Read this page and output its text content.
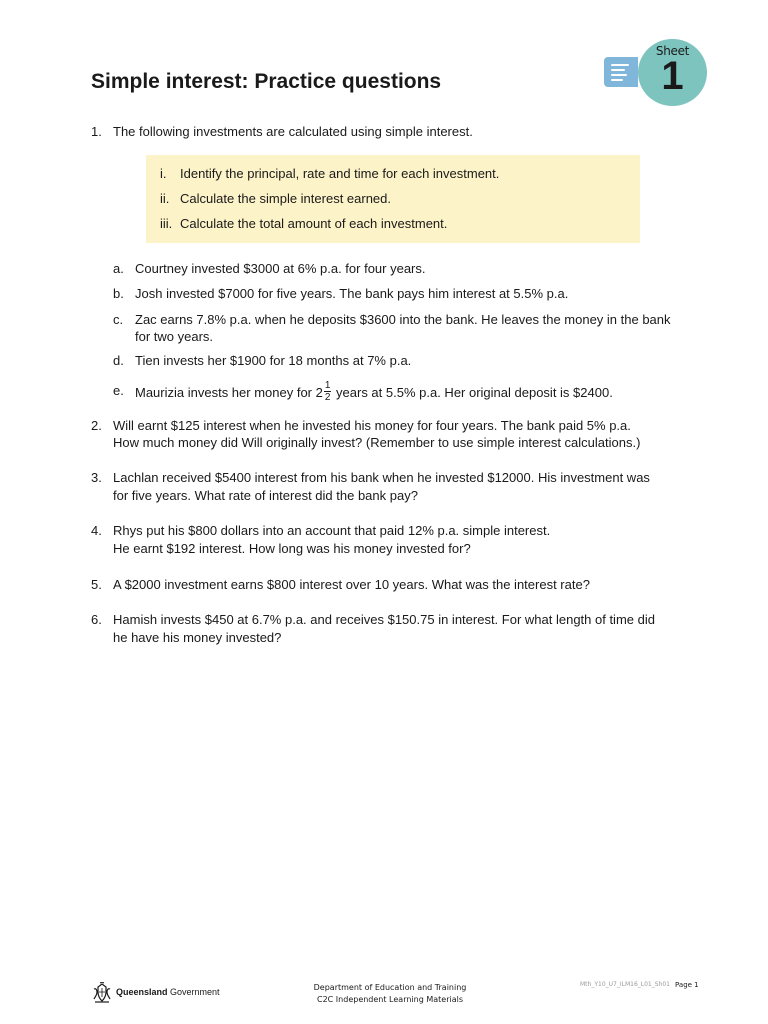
Simple interest: Practice questions
Sheet
1
1. The following investments are calculated using simple interest.
i. Identify the principal, rate and time for each investment.
ii. Calculate the simple interest earned.
iii. Calculate the total amount of each investment.
a. Courtney invested $3000 at 6% p.a. for four years.
b. Josh invested $7000 for five years. The bank pays him interest at 5.5% p.a.
c. Zac earns 7.8% p.a. when he deposits $3600 into the bank. He leaves the money in the bank
for two years.
d. Tien invests her $1900 for 18 months at 7% p.a.
e. Maurizia invests her money for $2 \frac{1}{2}$ years at 5.5% p.a. Her original deposit is $2400.
2. Will earnt $125 interest when he invested his money for four years. The bank paid 5% p.a.
How much money did Will originally invest? (Remember to use simple interest calculations.)
3. Lachlan received $5400 interest from his bank when he invested $12000. His investment was
for five years. What rate of interest did the bank pay?
4. Rhys put his $800 dollars into an account that paid 12% p.a. simple interest.
He earnt $192 interest. How long was his money invested for?
5. A $2000 investment earns $800 interest over 10 years. What was the interest rate?
6. Hamish invests $450 at 6.7% p.a. and receives $150.75 in interest. For what length of time did
he have his money invested?
Queensland Government	Department of Education and Training
C2C Independent Learning Materials
Mth_Y10_U7_ILM16_L01_Sh01 Page 1
